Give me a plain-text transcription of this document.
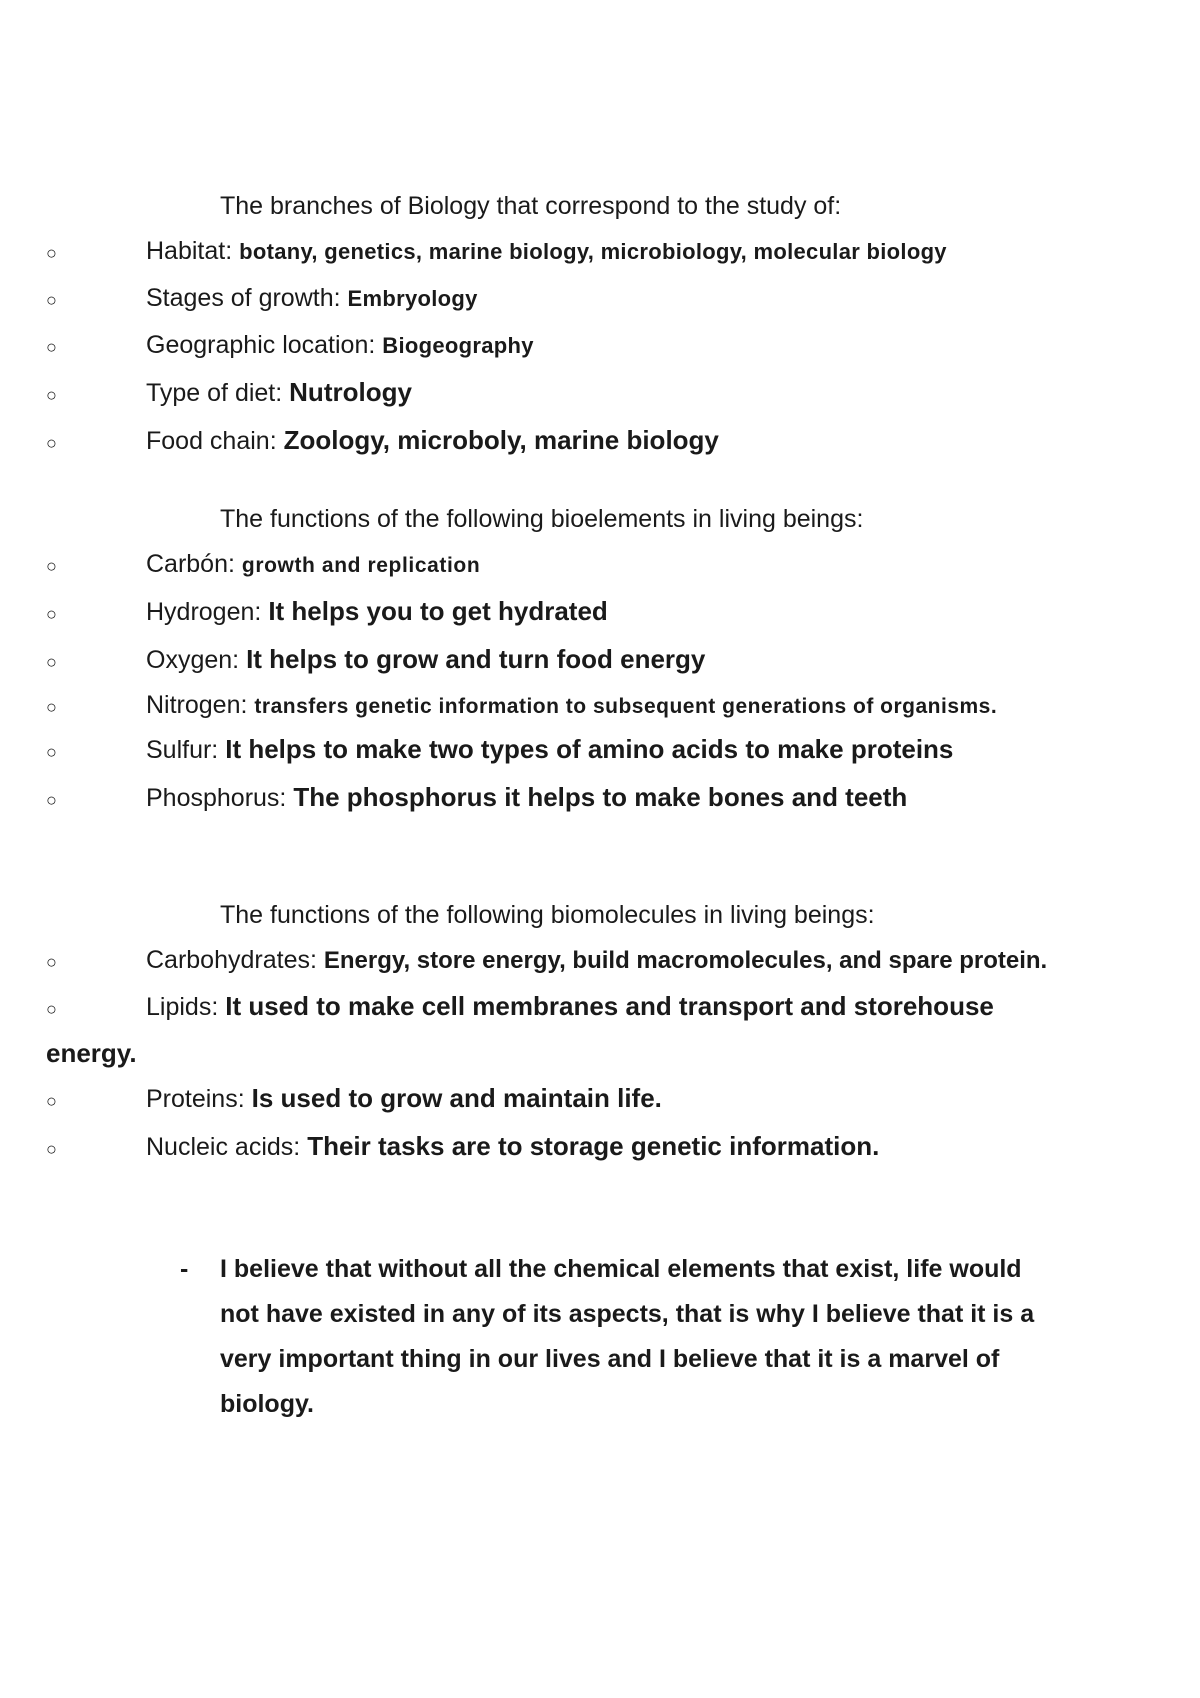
The branches of Biology that correspond to the study of:
○	Habitat: botany, genetics, marine biology, microbiology, molecular biology
○	Stages of growth: Embryology
○	Geographic location: Biogeography
○	Type of diet: Nutrology
○	Food chain: Zoology, microboly, marine biology
The functions of the following bioelements in living beings:
○	Carbón: growth and replication
○	Hydrogen: It helps you to get hydrated
○	Oxygen: It helps to grow and turn food energy
○	Nitrogen: transfers genetic information to subsequent generations of organisms.
○	Sulfur: It helps to make two types of amino acids to make proteins
○	Phosphorus: The phosphorus it helps to make bones and teeth
The functions of the following biomolecules in living beings:
○	Carbohydrates: Energy, store energy, build macromolecules, and spare protein.
○	Lipids: It used to make cell membranes and transport and storehouse energy.
○	Proteins: Is used to grow and maintain life.
○	Nucleic acids: Their tasks are to storage genetic information.
- I believe that without all the chemical elements that exist, life would not have existed in any of its aspects, that is why I believe that it is a very important thing in our lives and I believe that it is a marvel of biology.
